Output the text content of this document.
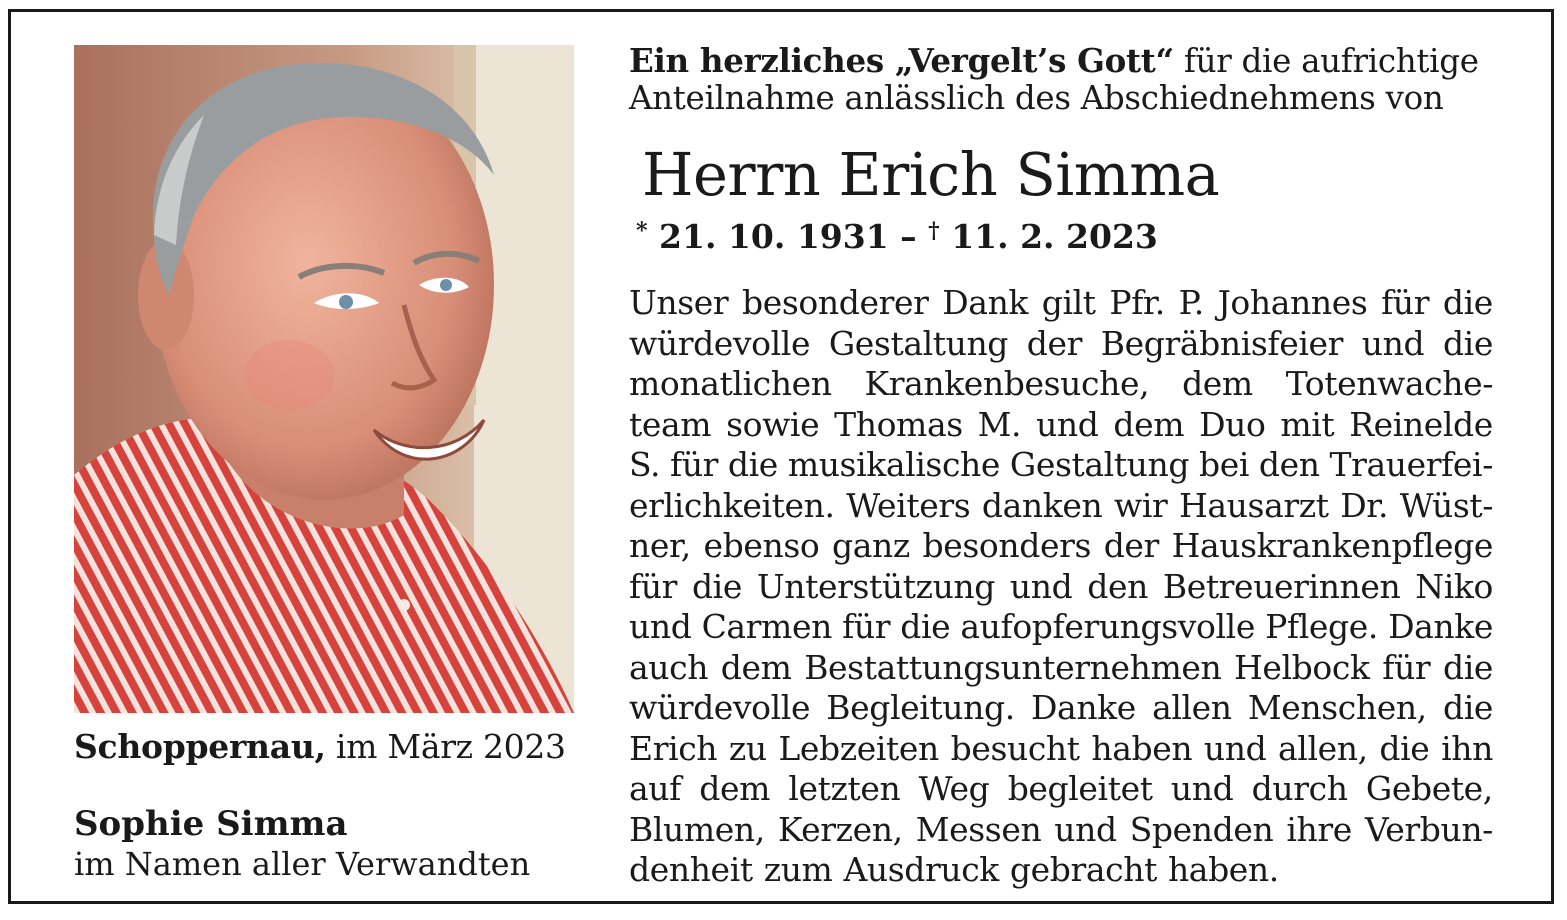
Schoppernau, im März 2023
Sophie Simma
im Namen aller Verwandten
Ein herzliches „Vergelt’s Gott“ für die aufrichtige
Anteilnahme anlässlich des Abschiednehmens von
Herrn Erich Simma
* 21. 10. 1931 – † 11. 2. 2023
Unser besonderer Dank gilt Pfr. P. Johannes für die
würdevolle Gestaltung der Begräbnisfeier und die
monatlichen Krankenbesuche, dem Totenwache-
team sowie Thomas M. und dem Duo mit Reinelde
S. für die musikalische Gestaltung bei den Trauerfei-
erlichkeiten. Weiters danken wir Hausarzt Dr. Wüst-
ner, ebenso ganz besonders der Hauskrankenpflege
für die Unterstützung und den Betreuerinnen Niko
und Carmen für die aufopferungsvolle Pflege. Danke
auch dem Bestattungsunternehmen Helbock für die
würdevolle Begleitung. Danke allen Menschen, die
Erich zu Lebzeiten besucht haben und allen, die ihn
auf dem letzten Weg begleitet und durch Gebete,
Blumen, Kerzen, Messen und Spenden ihre Verbun-
denheit zum Ausdruck gebracht haben.
